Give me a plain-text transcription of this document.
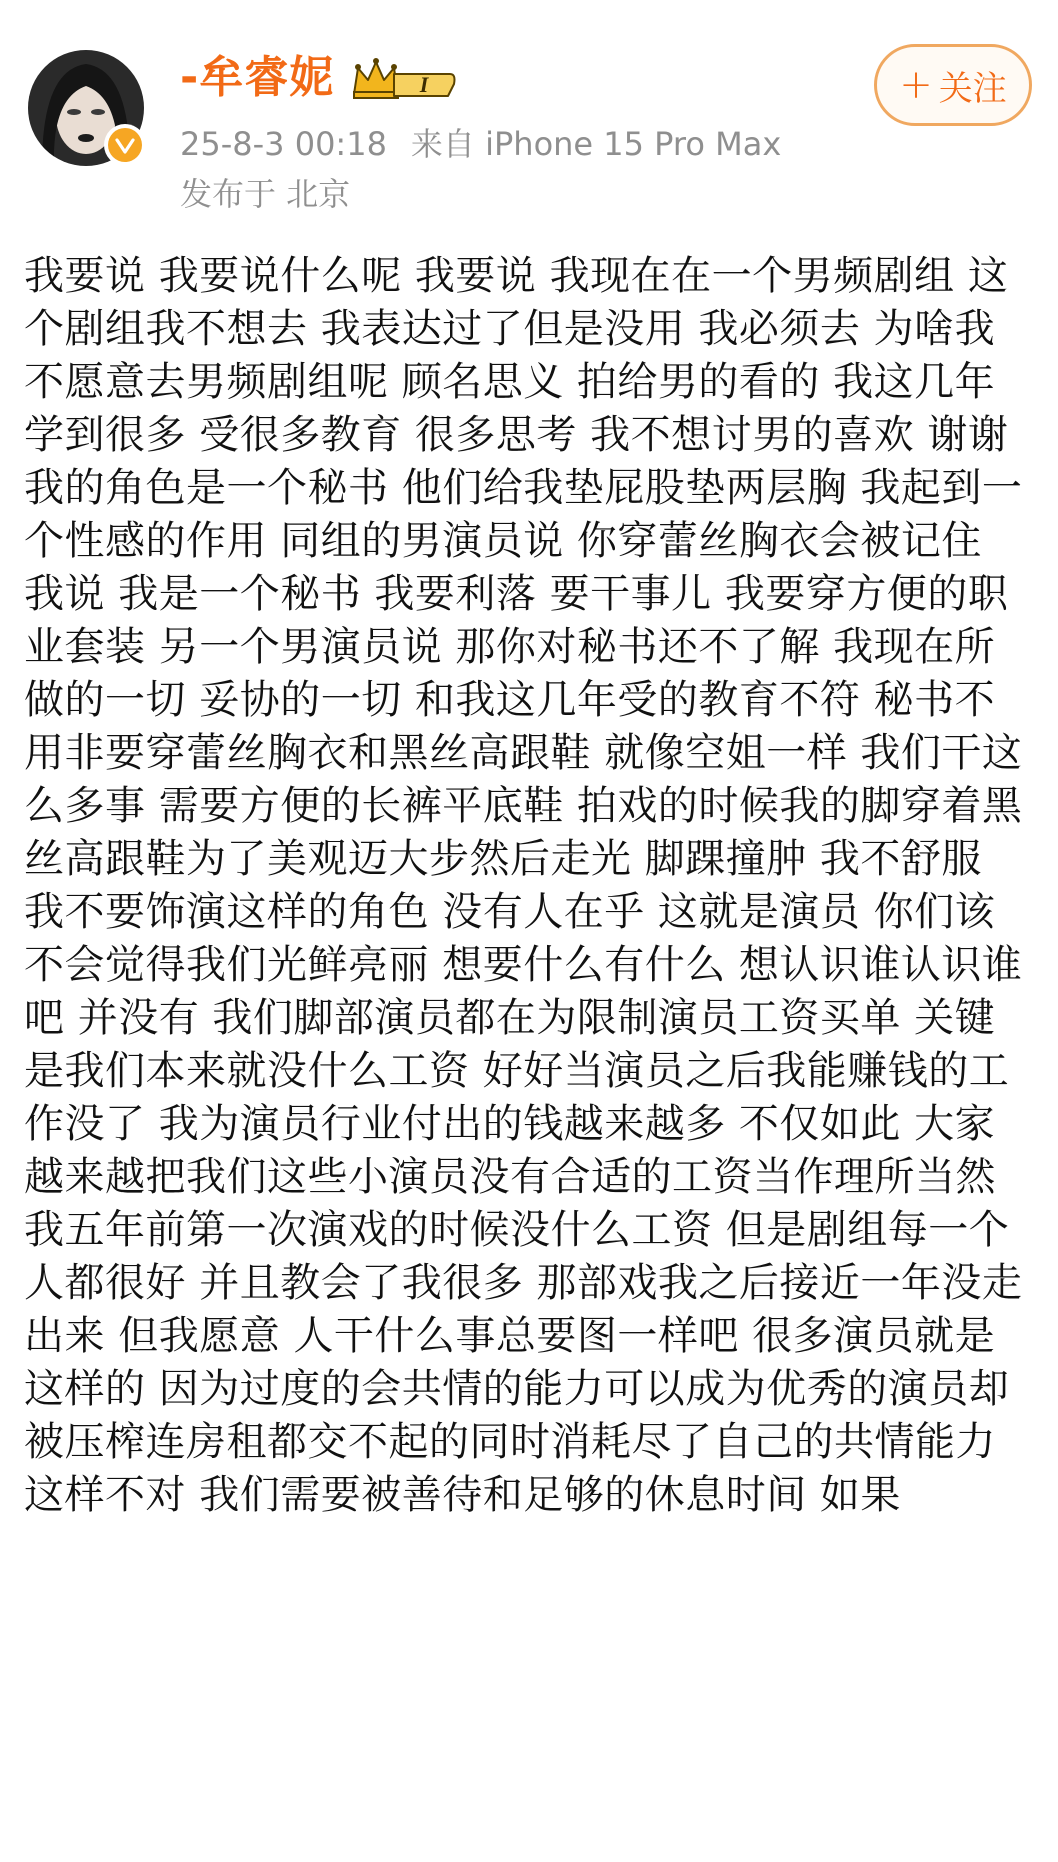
-牟睿妮	I
25-8-3 00:18 来自 iPhone 15 Pro Max
发布于 北京
+ 关注

我要说 我要说什么呢 我要说 我现在在一个男频剧组 这个剧组我不想去 我表达过了但是没用 我必须去 为啥我不愿意去男频剧组呢 顾名思义 拍给男的看的 我这几年学到很多 受很多教育 很多思考 我不想讨男的喜欢 谢谢
我的角色是一个秘书 他们给我垫屁股垫两层胸 我起到一个性感的作用 同组的男演员说 你穿蕾丝胸衣会被记住 我说 我是一个秘书 我要利落 要干事儿 我要穿方便的职业套装 另一个男演员说 那你对秘书还不了解 我现在所做的一切 妥协的一切 和我这几年受的教育不符 秘书不用非要穿蕾丝胸衣和黑丝高跟鞋 就像空姐一样 我们干这么多事 需要方便的长裤平底鞋 拍戏的时候我的脚穿着黑丝高跟鞋为了美观迈大步然后走光 脚踝撞肿 我不舒服 我不要饰演这样的角色 没有人在乎 这就是演员 你们该不会觉得我们光鲜亮丽 想要什么有什么 想认识谁认识谁吧 并没有 我们脚部演员都在为限制演员工资买单 关键是我们本来就没什么工资 好好当演员之后我能赚钱的工作没了 我为演员行业付出的钱越来越多 不仅如此 大家越来越把我们这些小演员没有合适的工资当作理所当然 我五年前第一次演戏的时候没什么工资 但是剧组每一个人都很好 并且教会了我很多 那部戏我之后接近一年没走出来 但我愿意 人干什么事总要图一样吧 很多演员就是这样的 因为过度的会共情的能力可以成为优秀的演员却被压榨连房租都交不起的同时消耗尽了自己的共情能力 这样不对 我们需要被善待和足够的休息时间 如果
